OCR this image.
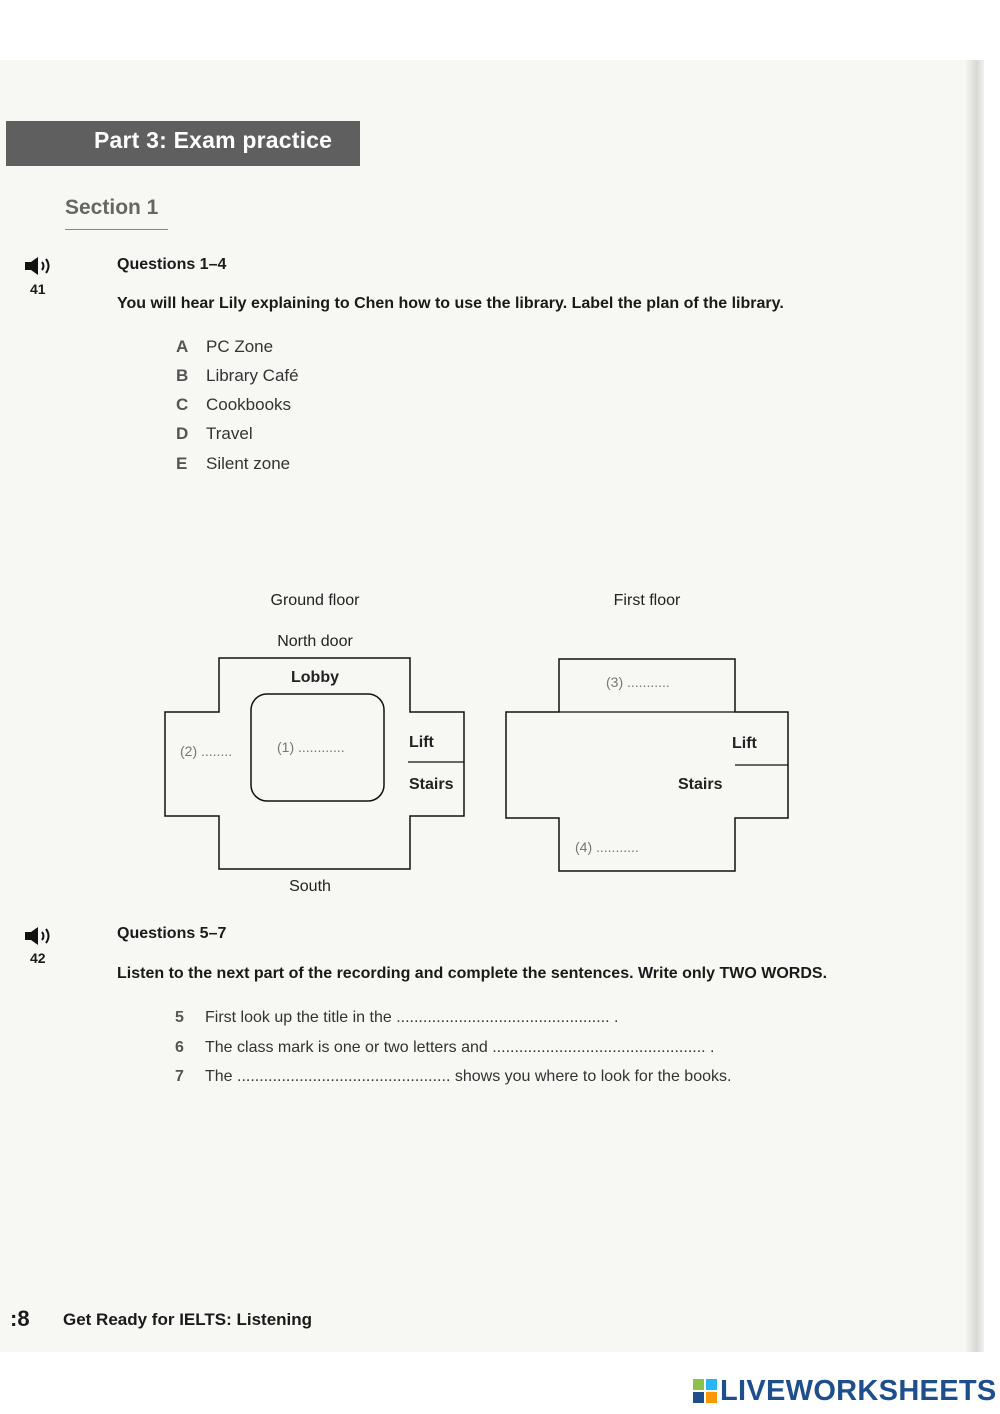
Part 3: Exam practice
Section 1
41
Questions 1–4
You will hear Lily explaining to Chen how to use the library. Label the plan of the library.
A PC Zone
B Library Café
C Cookbooks
D Travel
E Silent zone
Ground floor
North door
Lobby
Lift
Stairs
(1) ............
(2) ........
South
First floor
(3) ...........
Lift
Stairs
(4) ...........
42
Questions 5–7
Listen to the next part of the recording and complete the sentences. Write only TWO WORDS.
5 First look up the title in the ................................................ .
6 The class mark is one or two letters and ................................................ .
7 The ................................................ shows you where to look for the books.
:8 Get Ready for IELTS: Listening
LIVEWORKSHEETS
